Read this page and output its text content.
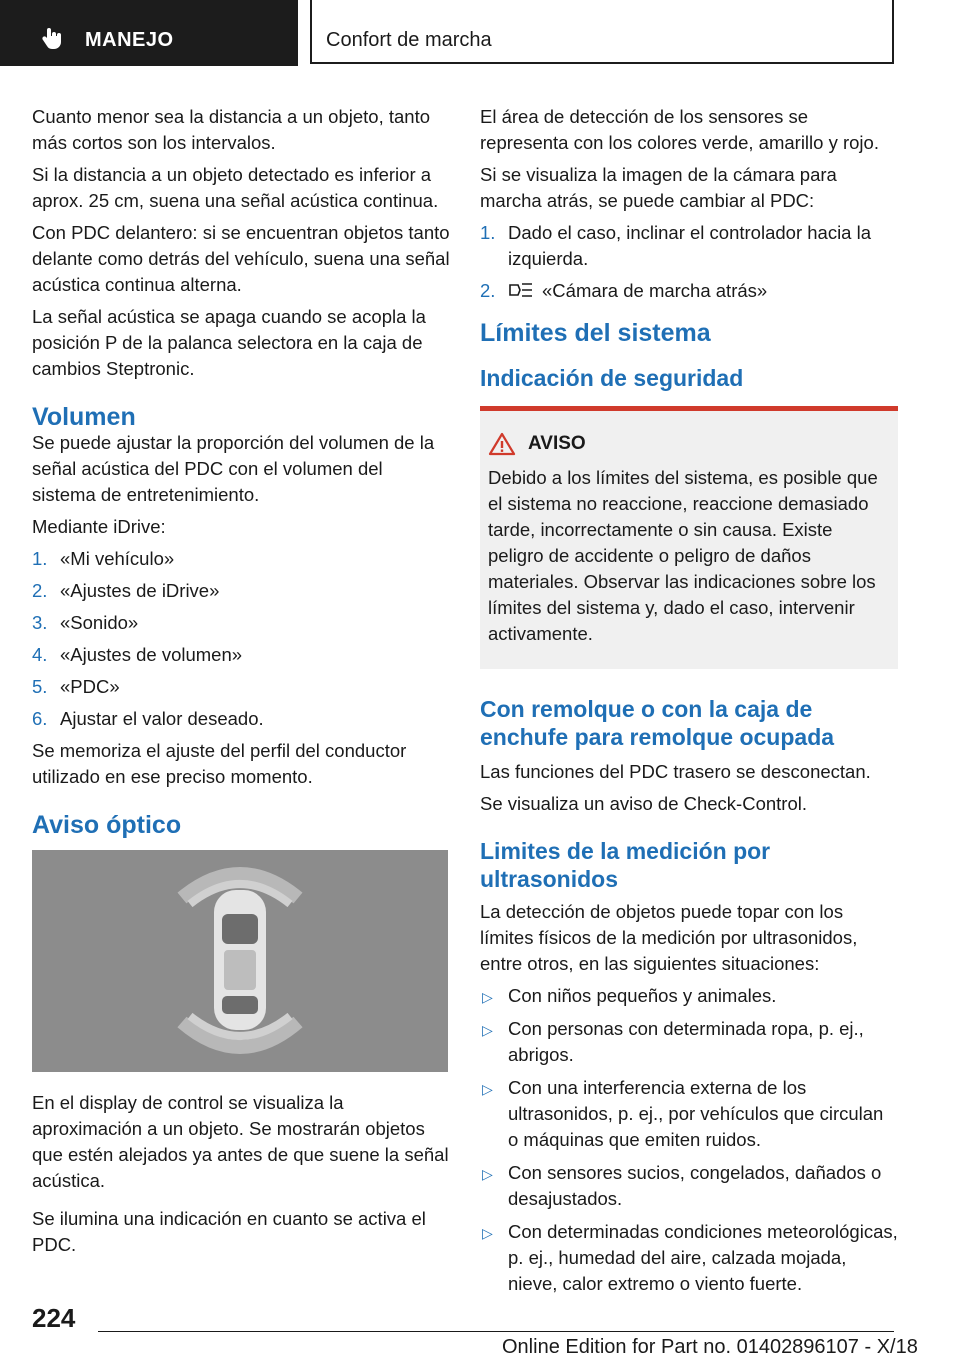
MANEJO	Confort de marcha

Cuanto menor sea la distancia a un objeto, tanto más cortos son los intervalos.

Si la distancia a un objeto detectado es inferior a aprox. 25 cm, suena una señal acústica continua.

Con PDC delantero: si se encuentran objetos tanto delante como detrás del vehículo, suena una señal acústica continua alterna.

La señal acústica se apaga cuando se acopla la posición P de la palanca selectora en la caja de cambios Steptronic.

Volumen

Se puede ajustar la proporción del volumen de la señal acústica del PDC con el volumen del sistema de entretenimiento.

Mediante iDrive:

1. «Mi vehículo»
2. «Ajustes de iDrive»
3. «Sonido»
4. «Ajustes de volumen»
5. «PDC»
6. Ajustar el valor deseado.

Se memoriza el ajuste del perfil del conductor utilizado en ese preciso momento.

Aviso óptico

En el display de control se visualiza la aproximación a un objeto. Se mostrarán objetos que estén alejados ya antes de que suene la señal acústica.

Se ilumina una indicación en cuanto se activa el PDC.

El área de detección de los sensores se representa con los colores verde, amarillo y rojo.

Si se visualiza la imagen de la cámara para marcha atrás, se puede cambiar al PDC:

1. Dado el caso, inclinar el controlador hacia la izquierda.
2.	«Cámara de marcha atrás»
Límites del sistema
Indicación de seguridad
AVISO
Debido a los límites del sistema, es posible que el sistema no reaccione, reaccione demasiado tarde, incorrectamente o sin causa. Existe peligro de accidente o peligro de daños materiales. Observar las indicaciones sobre los límites del sistema y, dado el caso, intervenir activamente.
Con remolque o con la caja de enchufe para remolque ocupada

Las funciones del PDC trasero se desconectan.

Se visualiza un aviso de Check-Control.

Limites de la medición por ultrasonidos

La detección de objetos puede topar con los límites físicos de la medición por ultrasonidos, entre otros, en las siguientes situaciones:

▷ Con niños pequeños y animales.
▷ Con personas con determinada ropa, p. ej., abrigos.
▷ Con una interferencia externa de los ultrasonidos, p. ej., por vehículos que circulan o máquinas que emiten ruidos.
▷ Con sensores sucios, congelados, dañados o desajustados.
▷ Con determinadas condiciones meteorológicas, p. ej., humedad del aire, calzada mojada, nieve, calor extremo o viento fuerte.
224
Online Edition for Part no. 01402896107 - X/18
